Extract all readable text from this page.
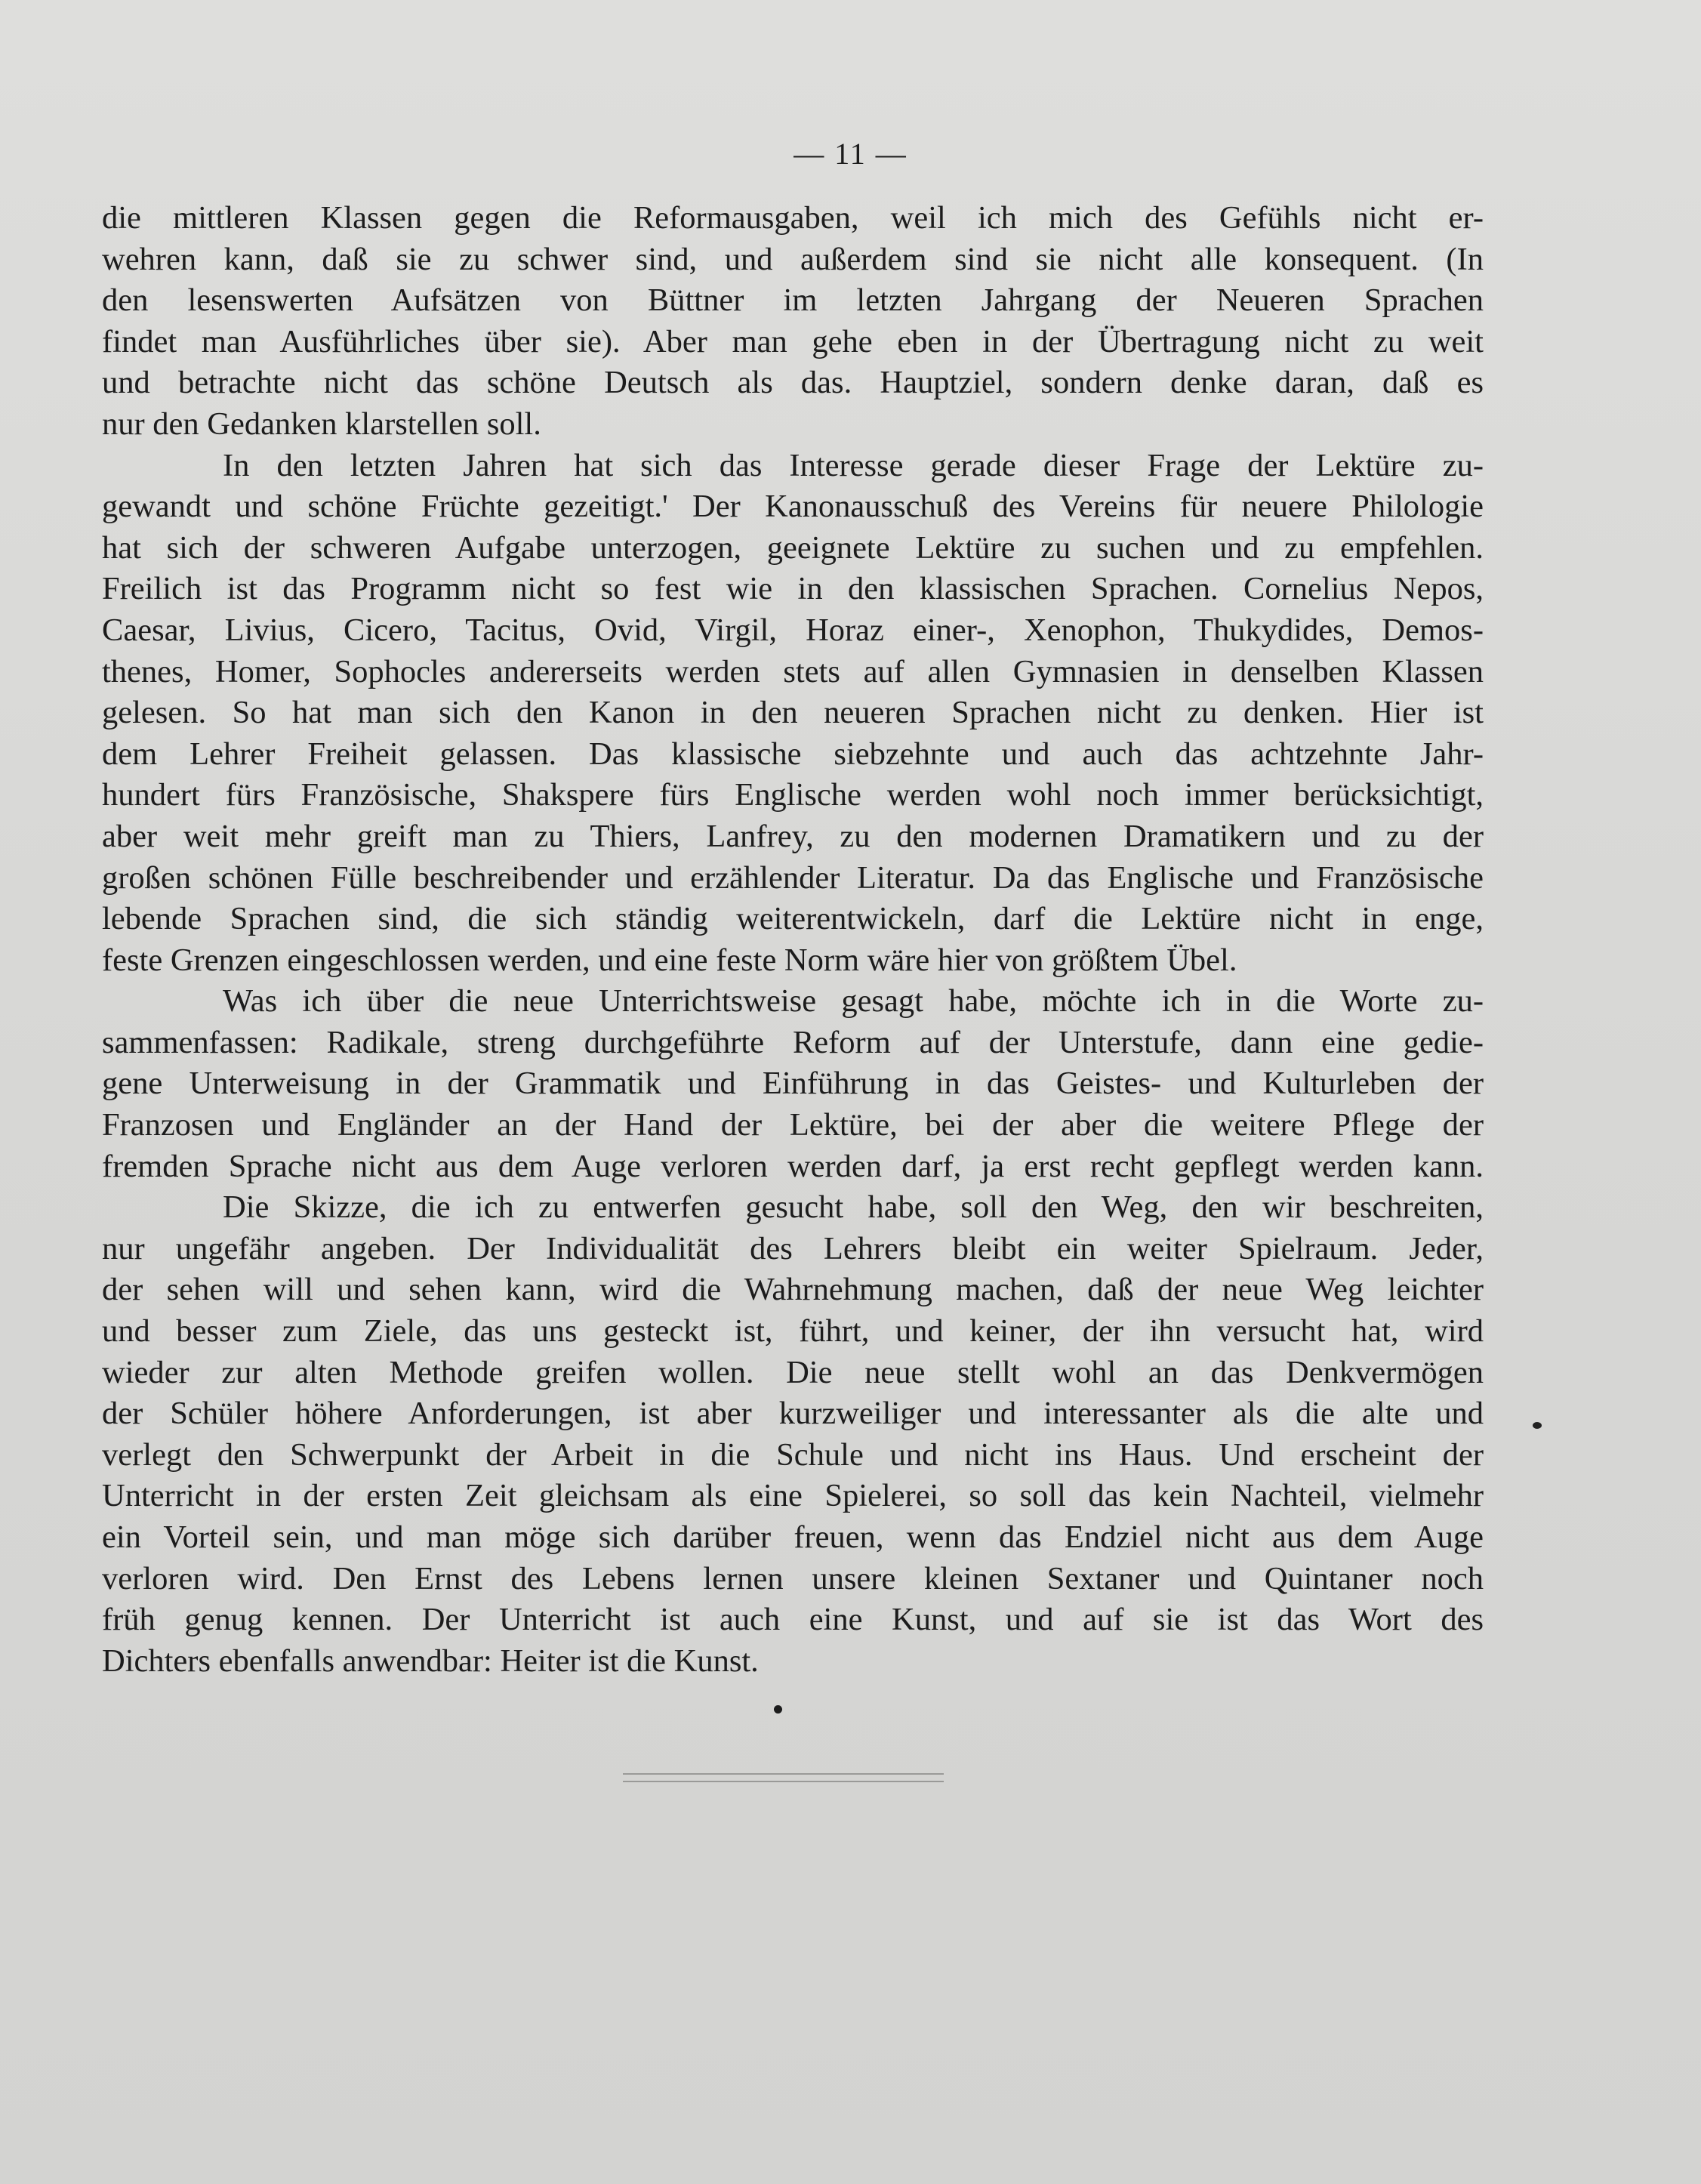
— 11 —
die mittleren Klassen gegen die Reformausgaben, weil ich mich des Gefühls nicht er-
wehren kann, daß sie zu schwer sind, und außerdem sind sie nicht alle konsequent. (In
den lesenswerten Aufsätzen von Büttner im letzten Jahrgang der Neueren Sprachen
findet man Ausführliches über sie). Aber man gehe eben in der Übertragung nicht zu weit
und betrachte nicht das schöne Deutsch als das. Hauptziel, sondern denke daran, daß es
nur den Gedanken klarstellen soll.
In den letzten Jahren hat sich das Interesse gerade dieser Frage der Lektüre zu-
gewandt und schöne Früchte gezeitigt.' Der Kanonausschuß des Vereins für neuere Philologie
hat sich der schweren Aufgabe unterzogen, geeignete Lektüre zu suchen und zu empfehlen.
Freilich ist das Programm nicht so fest wie in den klassischen Sprachen. Cornelius Nepos,
Caesar, Livius, Cicero, Tacitus, Ovid, Virgil, Horaz einer-, Xenophon, Thukydides, Demos-
thenes, Homer, Sophocles andererseits werden stets auf allen Gymnasien in denselben Klassen
gelesen. So hat man sich den Kanon in den neueren Sprachen nicht zu denken. Hier ist
dem Lehrer Freiheit gelassen. Das klassische siebzehnte und auch das achtzehnte Jahr-
hundert fürs Französische, Shakspere fürs Englische werden wohl noch immer berücksichtigt,
aber weit mehr greift man zu Thiers, Lanfrey, zu den modernen Dramatikern und zu der
großen schönen Fülle beschreibender und erzählender Literatur. Da das Englische und Französische
lebende Sprachen sind, die sich ständig weiterentwickeln, darf die Lektüre nicht in enge,
feste Grenzen eingeschlossen werden, und eine feste Norm wäre hier von größtem Übel.
Was ich über die neue Unterrichtsweise gesagt habe, möchte ich in die Worte zu-
sammenfassen: Radikale, streng durchgeführte Reform auf der Unterstufe, dann eine gedie-
gene Unterweisung in der Grammatik und Einführung in das Geistes- und Kulturleben der
Franzosen und Engländer an der Hand der Lektüre, bei der aber die weitere Pflege der
fremden Sprache nicht aus dem Auge verloren werden darf, ja erst recht gepflegt werden kann.
Die Skizze, die ich zu entwerfen gesucht habe, soll den Weg, den wir beschreiten,
nur ungefähr angeben. Der Individualität des Lehrers bleibt ein weiter Spielraum. Jeder,
der sehen will und sehen kann, wird die Wahrnehmung machen, daß der neue Weg leichter
und besser zum Ziele, das uns gesteckt ist, führt, und keiner, der ihn versucht hat, wird
wieder zur alten Methode greifen wollen. Die neue stellt wohl an das Denkvermögen
der Schüler höhere Anforderungen, ist aber kurzweiliger und interessanter als die alte und
verlegt den Schwerpunkt der Arbeit in die Schule und nicht ins Haus. Und erscheint der
Unterricht in der ersten Zeit gleichsam als eine Spielerei, so soll das kein Nachteil, vielmehr
ein Vorteil sein, und man möge sich darüber freuen, wenn das Endziel nicht aus dem Auge
verloren wird. Den Ernst des Lebens lernen unsere kleinen Sextaner und Quintaner noch
früh genug kennen. Der Unterricht ist auch eine Kunst, und auf sie ist das Wort des
Dichters ebenfalls anwendbar: Heiter ist die Kunst.
